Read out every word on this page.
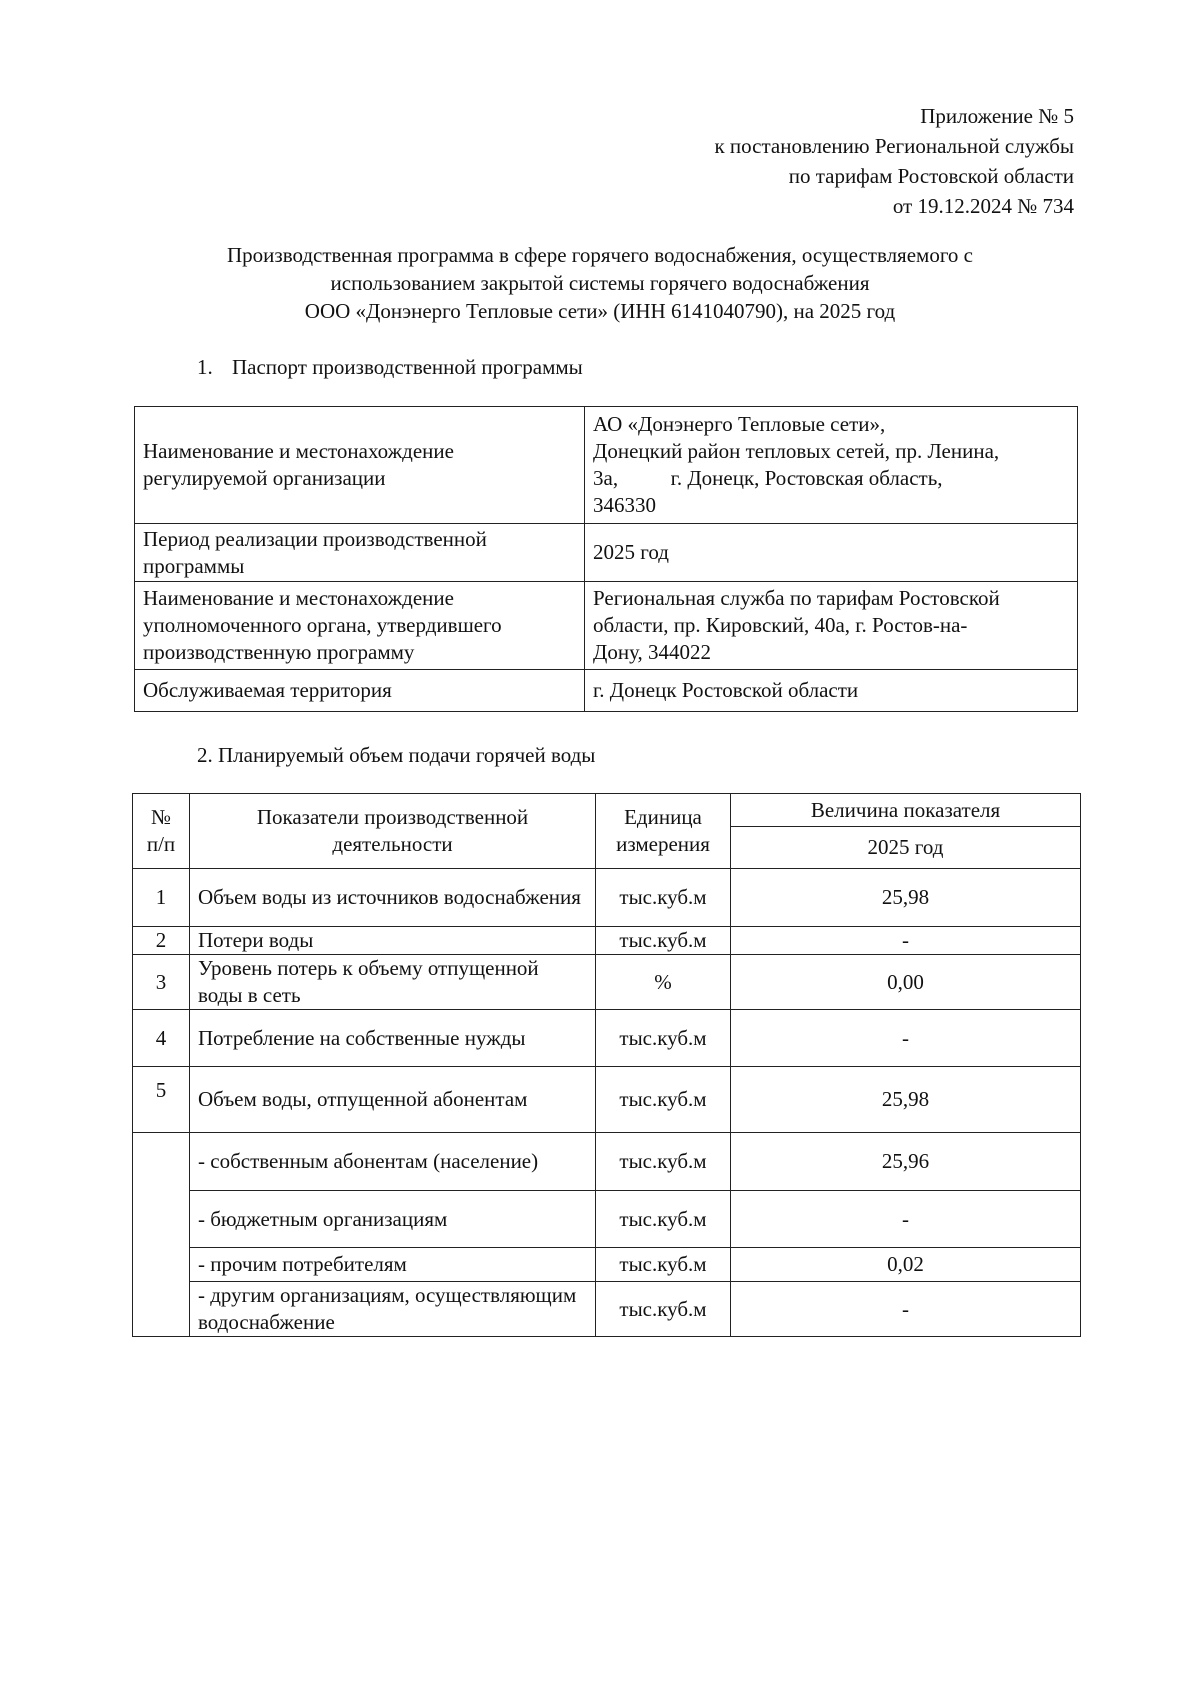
Приложение № 5
к постановлению Региональной службы
по тарифам Ростовской области
от 19.12.2024 № 734
Производственная программа в сфере горячего водоснабжения, осуществляемого с
использованием закрытой системы горячего водоснабжения
ООО «Донэнерго Тепловые сети» (ИНН 6141040790), на 2025 год
1. Паспорт производственной программы
Наименование и местонахождение регулируемой организации	АО «Донэнерго Тепловые сети»,
Донецкий район тепловых сетей, пр. Ленина,
3а,          г. Донецк, Ростовская область,
346330

Период реализации производственной программы	2025 год

Наименование и местонахождение уполномоченного органа, утвердившего производственную программу	Региональная служба по тарифам Ростовской
области, пр. Кировский, 40а, г. Ростов-на-
Дону, 344022

Обслуживаемая территория	г. Донецк Ростовской области
2. Планируемый объем подачи горячей воды
№ п/п	Показатели производственной деятельности	Единица измерения	Величина показателя
			2025 год
1	Объем воды из источников водоснабжения	тыс.куб.м	25,98
2	Потери воды	тыс.куб.м	-
3	Уровень потерь к объему отпущенной воды в сеть	%	0,00
4	Потребление на собственные нужды	тыс.куб.м	-
5	Объем воды, отпущенной абонентам	тыс.куб.м	25,98
	- собственным абонентам (население)	тыс.куб.м	25,96
	- бюджетным организациям	тыс.куб.м	-
	- прочим потребителям	тыс.куб.м	0,02
	- другим организациям, осуществляющим водоснабжение	тыс.куб.м	-
